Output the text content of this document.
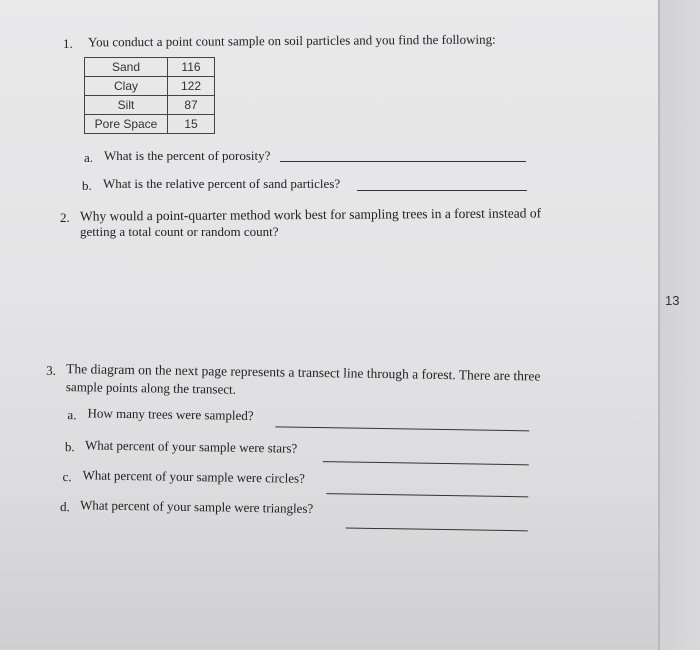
1. You conduct a point count sample on soil particles and you find the following:
Sand	116
Clay	122
Silt	87
Pore Space	15
a. What is the percent of porosity?
b. What is the relative percent of sand particles?
2. Why would a point-quarter method work best for sampling trees in a forest instead of
getting a total count or random count?
13
3. The diagram on the next page represents a transect line through a forest. There are three
sample points along the transect.
a. How many trees were sampled?
b. What percent of your sample were stars?
c. What percent of your sample were circles?
d. What percent of your sample were triangles?
